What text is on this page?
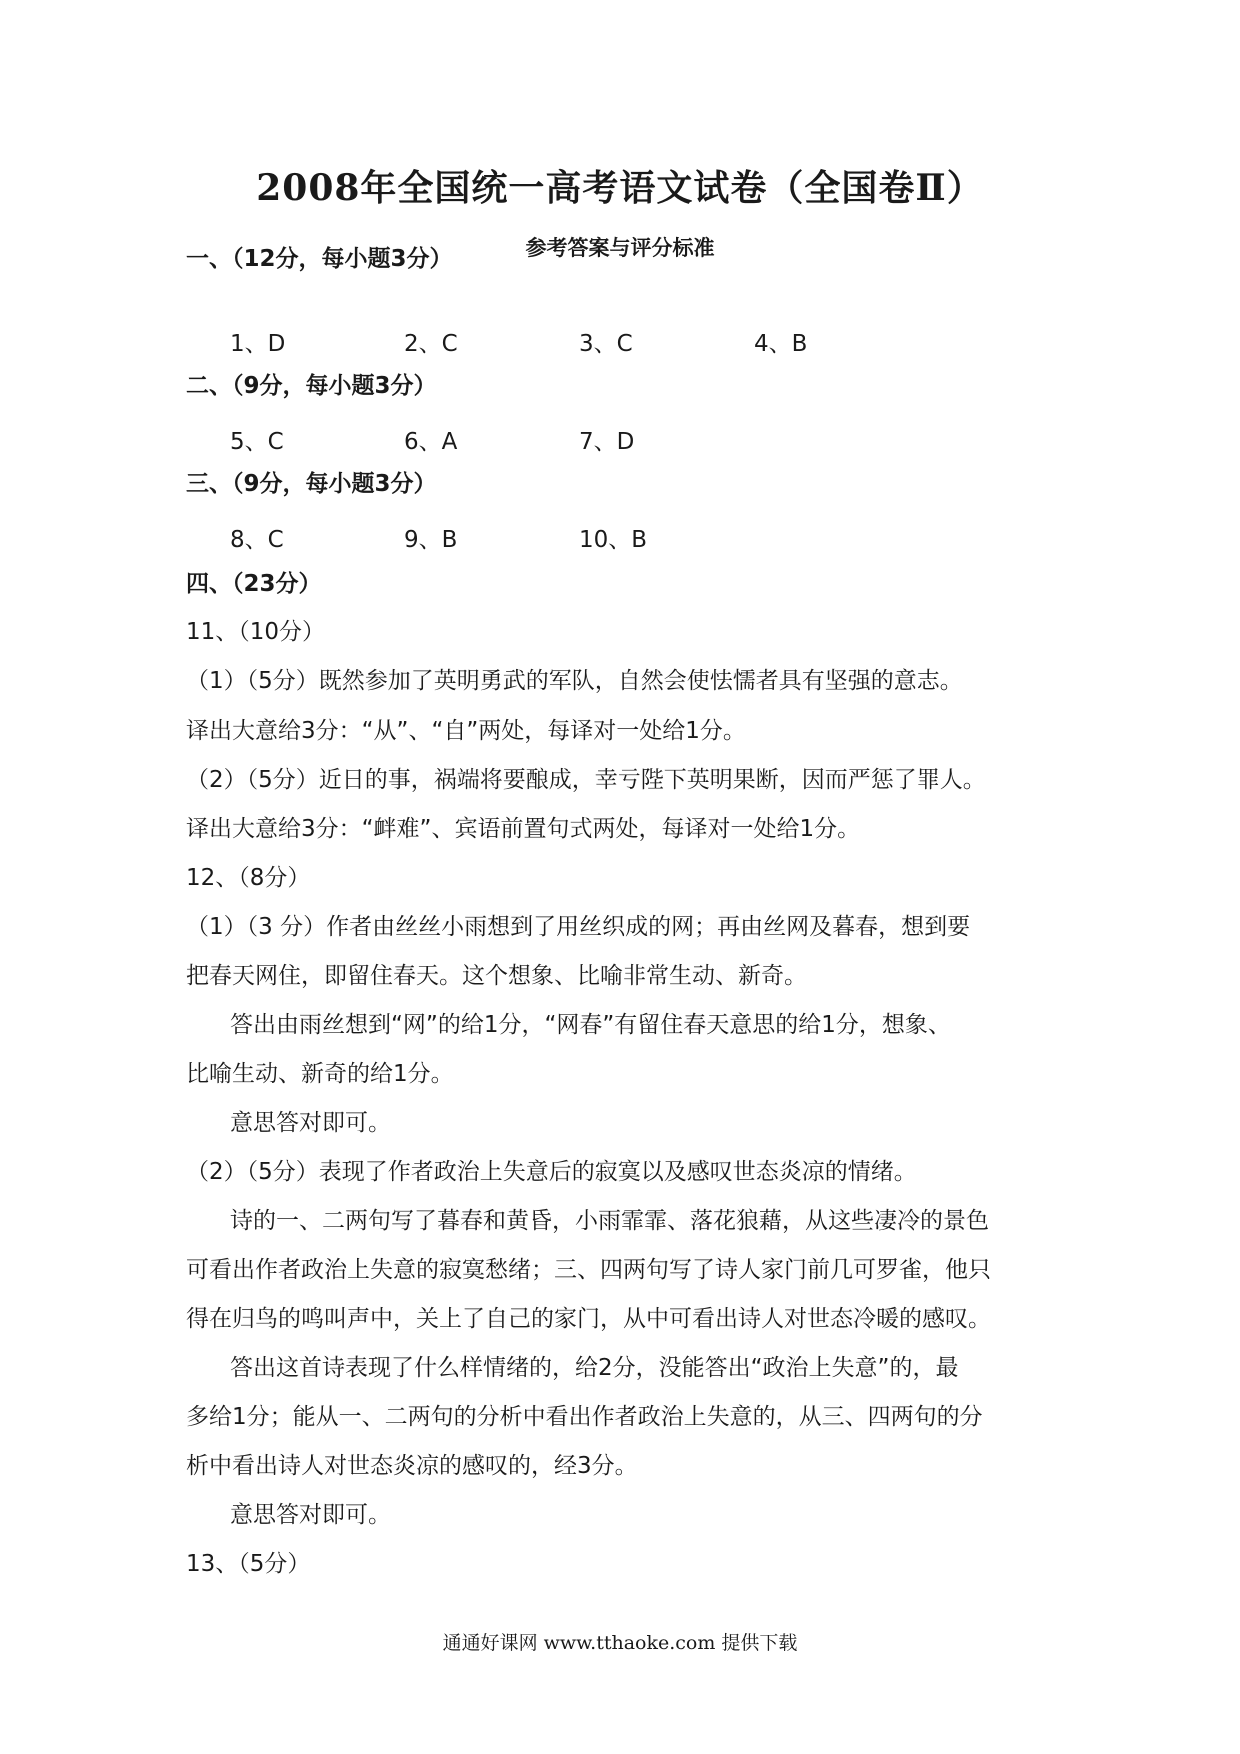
2008年全国统一高考语文试卷（全国卷Ⅱ）
参考答案与评分标准
一、（12分，每小题3分）
1、D	2、C	3、C	4、B
二、（9分，每小题3分）
5、C	6、A	7、D
三、（9分，每小题3分）
8、C	9、B	10、B
四、（23分）
11、（10分）
（1）（5分）既然参加了英明勇武的军队，自然会使怯懦者具有坚强的意志。
译出大意给3分：“从”、“自”两处，每译对一处给1分。
（2）（5分）近日的事，祸端将要酿成，幸亏陛下英明果断，因而严惩了罪人。
译出大意给3分：“衅难”、宾语前置句式两处，每译对一处给1分。
12、（8分）
（1）（3 分）作者由丝丝小雨想到了用丝织成的网；再由丝网及暮春，想到要
把春天网住，即留住春天。这个想象、比喻非常生动、新奇。
答出由雨丝想到“网”的给1分，“网春”有留住春天意思的给1分，想象、
比喻生动、新奇的给1分。
意思答对即可。
（2）（5分）表现了作者政治上失意后的寂寞以及感叹世态炎凉的情绪。
诗的一、二两句写了暮春和黄昏，小雨霏霏、落花狼藉，从这些凄冷的景色
可看出作者政治上失意的寂寞愁绪；三、四两句写了诗人家门前几可罗雀，他只
得在归鸟的鸣叫声中，关上了自己的家门，从中可看出诗人对世态冷暖的感叹。
答出这首诗表现了什么样情绪的，给2分，没能答出“政治上失意”的，最
多给1分；能从一、二两句的分析中看出作者政治上失意的，从三、四两句的分
析中看出诗人对世态炎凉的感叹的，经3分。
意思答对即可。
13、（5分）
通通好课网 www.tthaoke.com 提供下载
